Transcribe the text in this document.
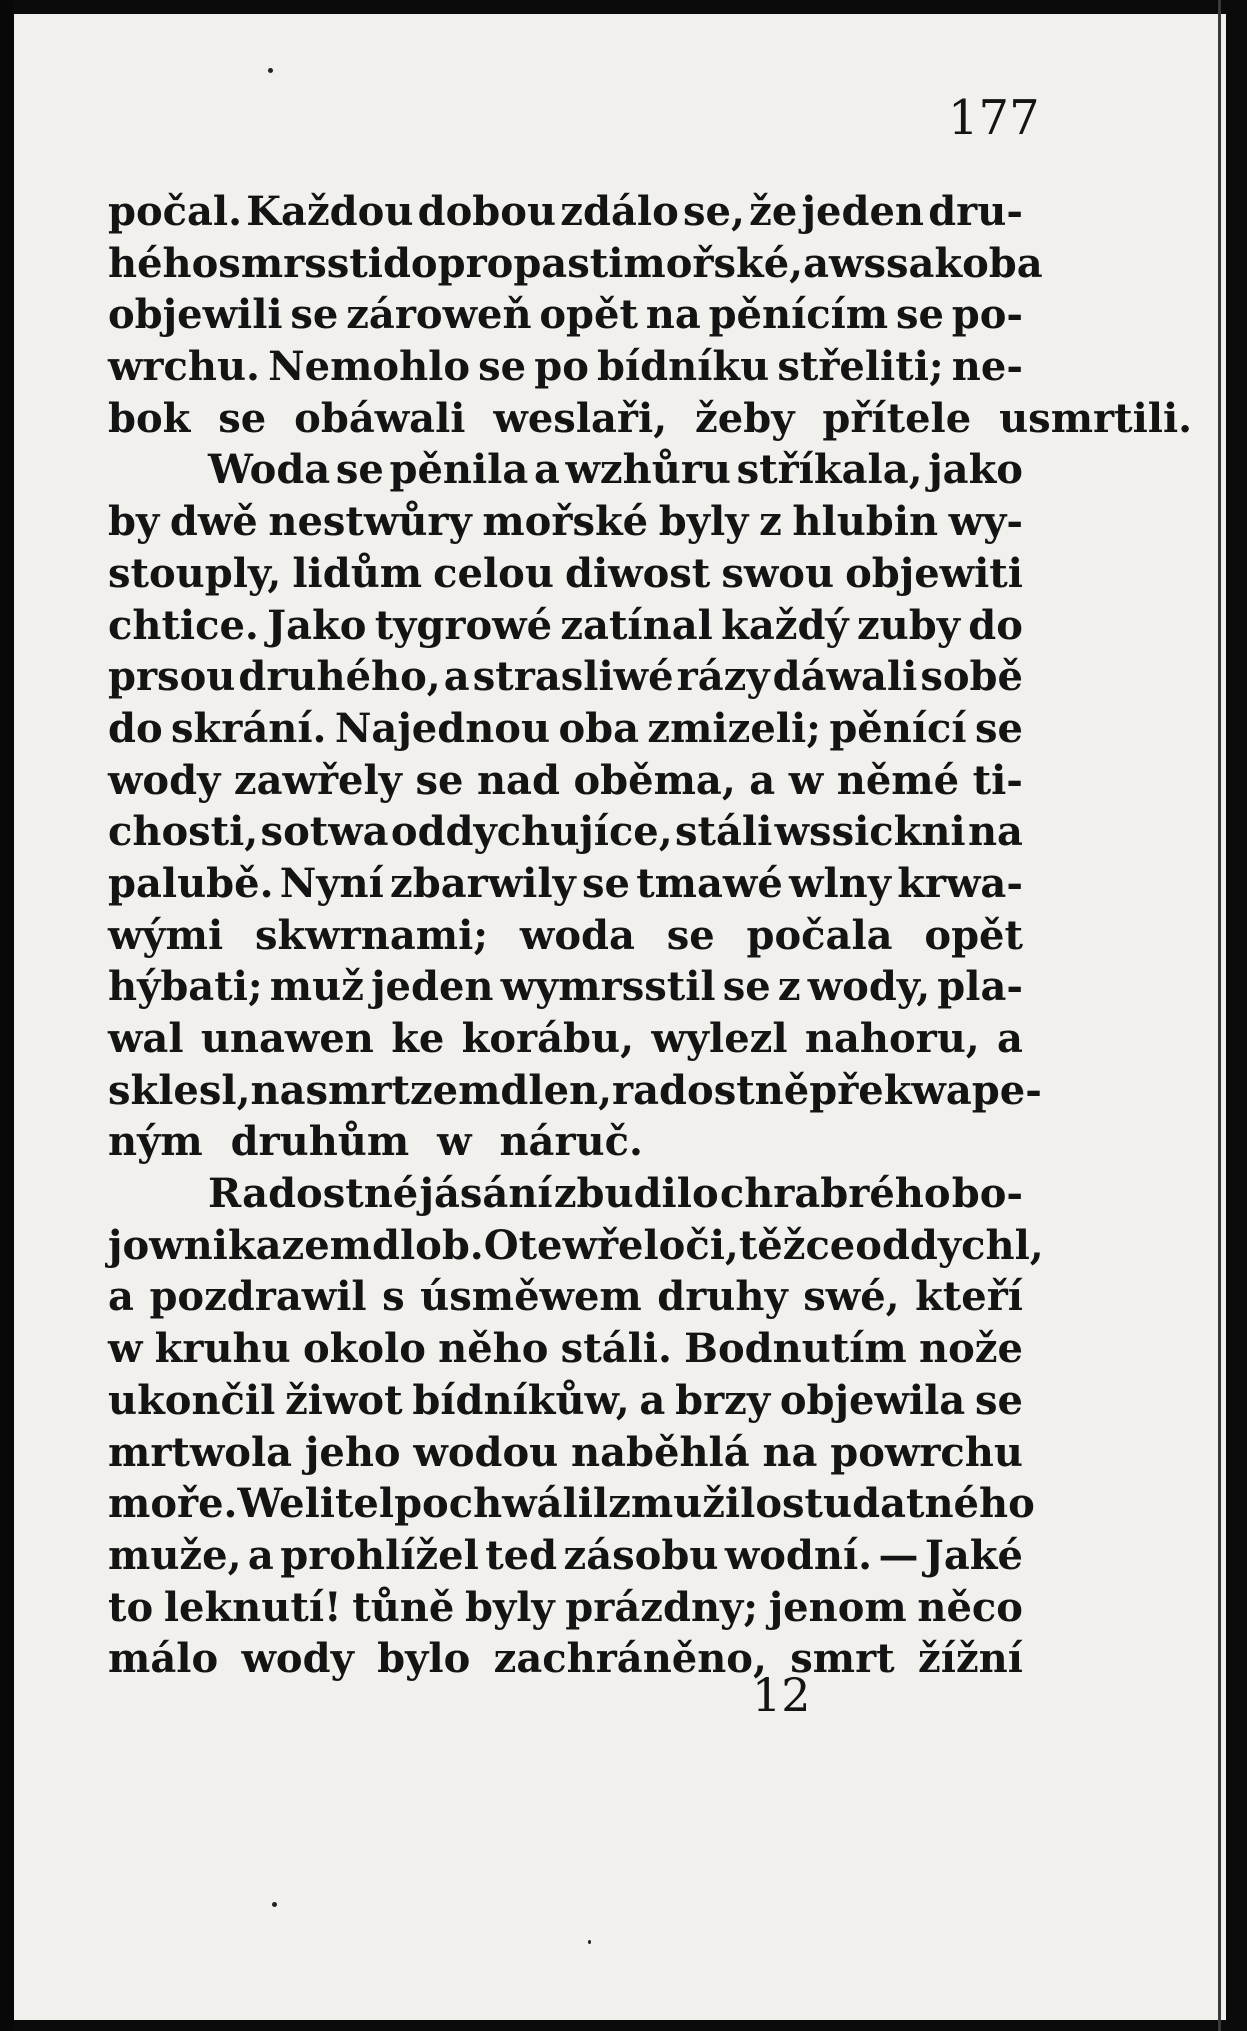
177
počal. Každou dobou zdálo se, že jeden dru-
hého smrssti do propasti mořské, awssak oba
objewili se zároweň opět na pěnícím se po-
wrchu. Nemohlo se po bídníku střeliti; ne-
bok se obáwali weslaři, žeby přítele usmrtili.
Woda se pěnila a wzhůru stříkala, jako
by dwě nestwůry mořské byly z hlubin wy-
stouply, lidům celou diwost swou objewiti
chtice. Jako tygrowé zatínal každý zuby do
prsou druhého, a strasliwé rázy dáwali sobě
do skrání. Najednou oba zmizeli; pěnící se
wody zawřely se nad oběma, a w němé ti-
chosti, sotwa oddychujíce, stáli wssickni na
palubě. Nyní zbarwily se tmawé wlny krwa-
wými skwrnami; woda se počala opět
hýbati; muž jeden wymrsstil se z wody, pla-
wal unawen ke korábu, wylezl nahoru, a
sklesl, na smrt zemdlen, radostně překwape-
ným druhům w náruč.
Radostné jásání zbudilo chrabrého bo-
jownika ze mdlob. Otewřel oči, těžce oddychl,
a pozdrawil s úsměwem druhy swé, kteří
w kruhu okolo něho stáli. Bodnutím nože
ukončil žiwot bídníkůw, a brzy objewila se
mrtwola jeho wodou naběhlá na powrchu
moře. Welitel pochwálil zmužilost udatného
muže, a prohlížel ted zásobu wodní. — Jaké
to leknutí! tůně byly prázdny; jenom něco
málo wody bylo zachráněno, smrt žížní
12
